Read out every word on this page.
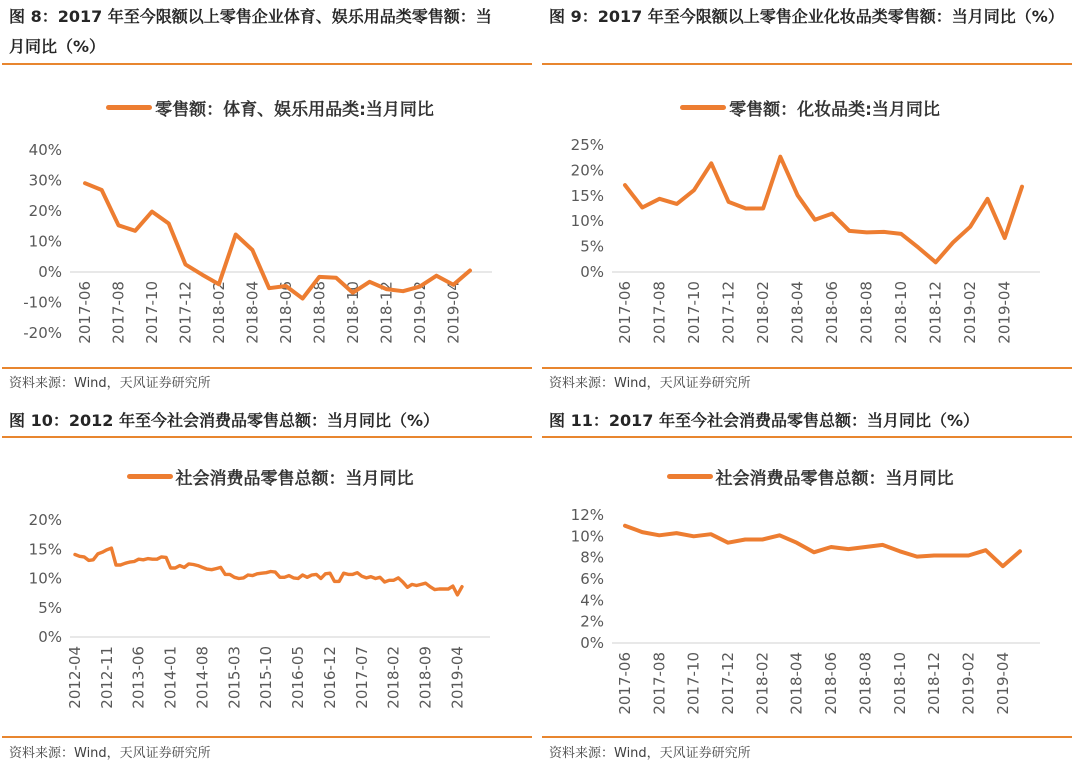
图 8：2017 年至今限额以上零售企业体育、娱乐用品类零售额：当月同比（%）
零售额：体育、娱乐用品类:当月同比
40%
30%
20%
10%
0%
-10%
-20% 2017-06 2017-08 2017-10 2017-12 2018-02 2018-04 2018-06 2018-08 2018-10 2018-12 2019-02 2019-04

资料来源：Wind，天风证券研究所

图 9：2017 年至今限额以上零售企业化妆品类零售额：当月同比（%）
零售额：化妆品类:当月同比
25%
20%
15%
10%
5%
0%
2017-06 2017-08 2017-10 2017-12 2018-02 2018-04 2018-06 2018-08 2018-10 2018-12 2019-02 2019-04

资料来源：Wind，天风证券研究所

图 10：2012 年至今社会消费品零售总额：当月同比（%）
社会消费品零售总额：当月同比
20%
15%
10%
5%
0%
2012-04 2012-11 2013-06 2014-01 2014-08 2015-03 2015-10 2016-05 2016-12 2017-07 2018-02 2018-09 2019-04

资料来源：Wind，天风证券研究所

图 11：2017 年至今社会消费品零售总额：当月同比（%）
社会消费品零售总额：当月同比
12%
10%
8%
6%
4%
2%
0%
2017-06 2017-08 2017-10 2017-12 2018-02 2018-04 2018-06 2018-08 2018-10 2018-12 2019-02 2019-04

资料来源：Wind，天风证券研究所
